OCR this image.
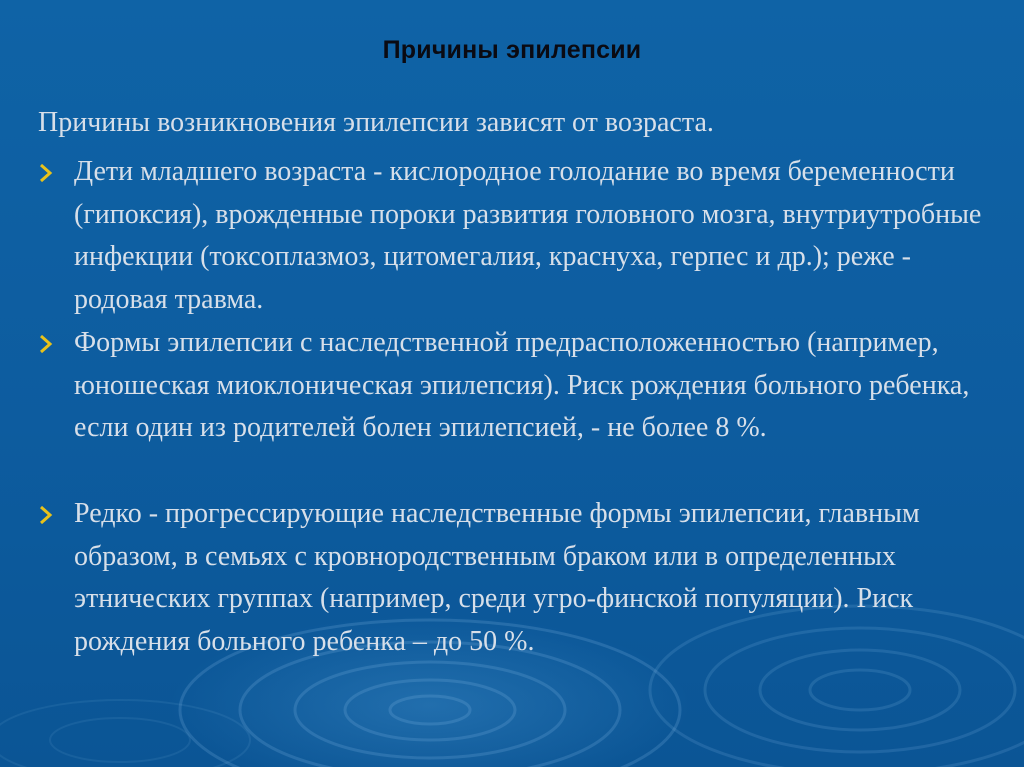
Причины эпилепсии
Причины возникновения эпилепсии зависят от возраста.
Дети младшего возраста - кислородное голодание во время беременности (гипоксия), врожденные пороки развития головного мозга, внутриутробные инфекции (токсоплазмоз, цитомегалия, краснуха, герпес и др.); реже - родовая травма.
Формы эпилепсии с наследственной предрасположенностью (например, юношеская миоклоническая эпилепсия). Риск рождения больного ребенка, если один из родителей болен эпилепсией, - не более 8 %.
Редко - прогрессирующие наследственные формы эпилепсии, главным образом, в семьях с кровнородственным браком или в определенных этнических группах (например, среди угро-финской популяции). Риск рождения больного ребенка – до 50 %.
